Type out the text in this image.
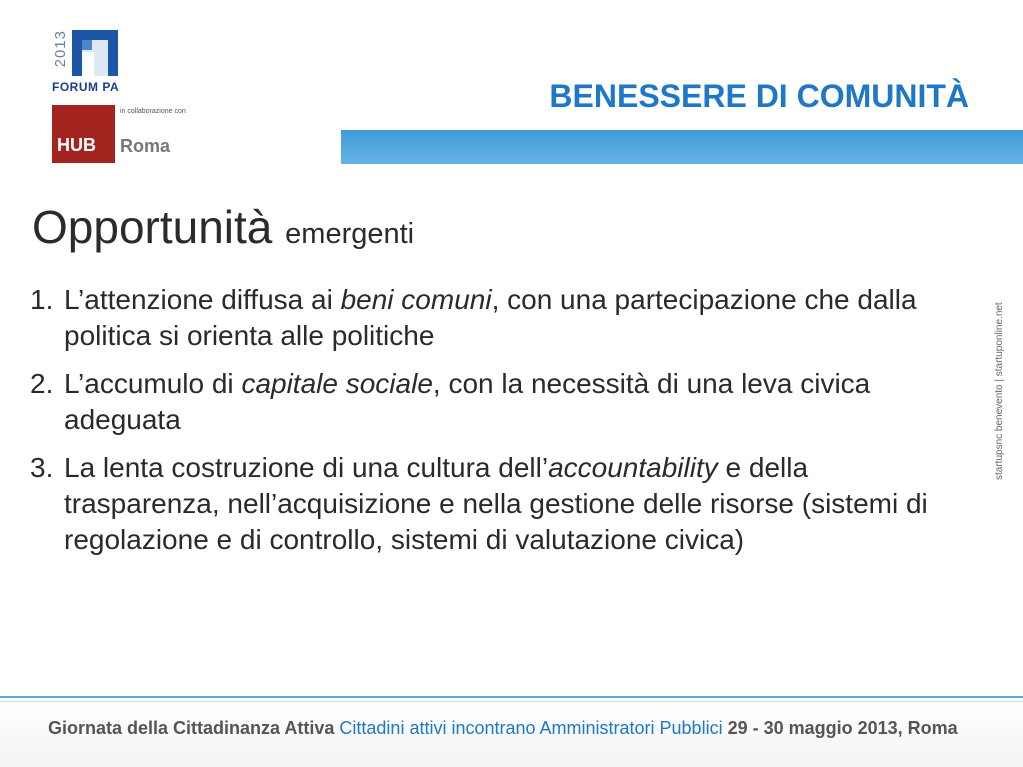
2013
FORUM PA
in collaborazione con
HUB	Roma
BENESSERE DI COMUNITÀ
startupsnc benevento | startuponline.net
Opportunità emergenti
1. L’attenzione diffusa ai beni comuni, con una partecipazione che dalla politica si orienta alle politiche
2. L’accumulo di capitale sociale, con la necessità di una leva civica adeguata
3. La lenta costruzione di una cultura dell’accountability e della trasparenza, nell’acquisizione e nella gestione delle risorse (sistemi di regolazione e di controllo, sistemi di valutazione civica)
Giornata della Cittadinanza Attiva Cittadini attivi incontrano Amministratori Pubblici 29 - 30 maggio 2013, Roma
